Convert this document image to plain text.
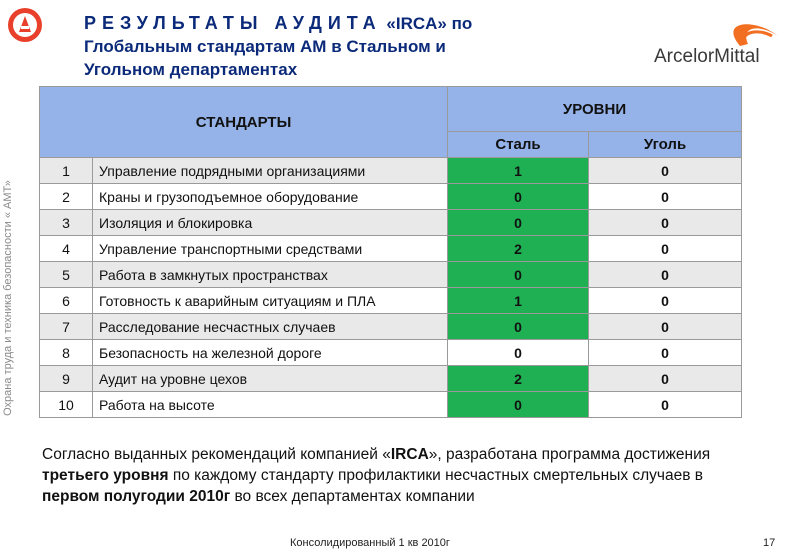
Охрана труда и техника безопасности « АМТ»
РЕЗУЛЬТАТЫ АУДИТА «IRCA» по
Глобальным стандартам АМ в Стальном и
Угольном департаментах
ArcelorMittal
СТАНДАРТЫ		УРОВНИ	
		Сталь	Уголь
1	Управление подрядными организациями	1	0
2	Краны и грузоподъемное оборудование	0	0
3	Изоляция и блокировка	0	0
4	Управление транспортными средствами	2	0
5	Работа в замкнутых пространствах	0	0
6	Готовность к аварийным ситуациям и ПЛА	1	0
7	Расследование несчастных случаев	0	0
8	Безопасность на железной дороге	0	0
9	Аудит на уровне цехов	2	0
10	Работа на высоте	0	0
Согласно выданных рекомендаций компанией «IRCA», разработана программа достижения третьего уровня по каждому стандарту профилактики несчастных смертельных случаев в первом полугодии 2010г во всех департаментах компании
Консолидированный 1 кв 2010г	17
